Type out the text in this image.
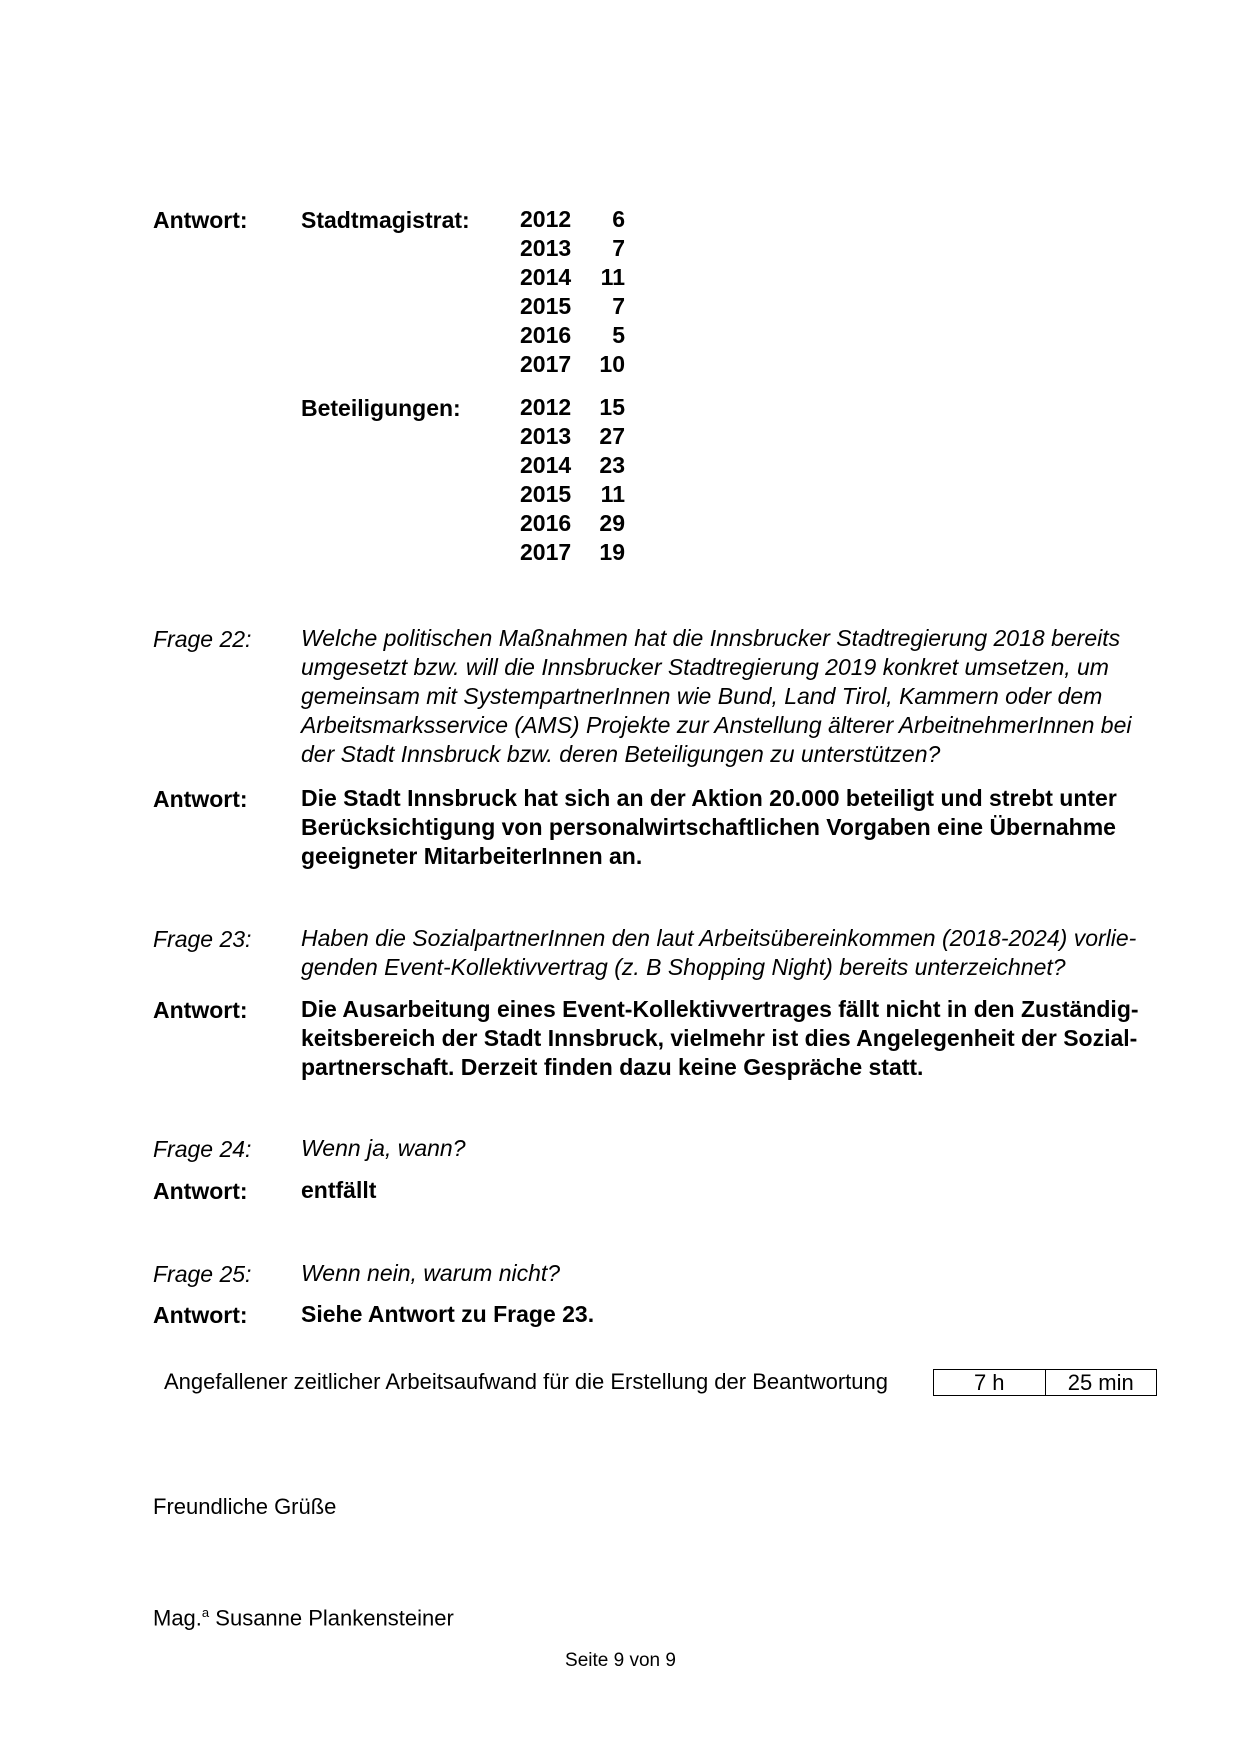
Antwort: Stadtmagistrat: 2012	6
2013	7
2014	11
2015	7
2016	5
2017	10
Beteiligungen:	2012	15
2013	27
2014	23
2015	11
2016	29
2017	19
Frage 22: Welche politischen Maßnahmen hat die Innsbrucker Stadtregierung 2018 bereits
umgesetzt bzw. will die Innsbrucker Stadtregierung 2019 konkret umsetzen, um
gemeinsam mit SystempartnerInnen wie Bund, Land Tirol, Kammern oder dem
Arbeitsmarksservice (AMS) Projekte zur Anstellung älterer ArbeitnehmerInnen bei
der Stadt Innsbruck bzw. deren Beteiligungen zu unterstützen?
Antwort: Die Stadt Innsbruck hat sich an der Aktion 20.000 beteiligt und strebt unter
Berücksichtigung von personalwirtschaftlichen Vorgaben eine Übernahme
geeigneter MitarbeiterInnen an.
Frage 23: Haben die SozialpartnerInnen den laut Arbeitsübereinkommen (2018-2024) vorlie-
genden Event-Kollektivvertrag (z. B Shopping Night) bereits unterzeichnet?
Antwort: Die Ausarbeitung eines Event-Kollektivvertrages fällt nicht in den Zuständig-
keitsbereich der Stadt Innsbruck, vielmehr ist dies Angelegenheit der Sozial-
partnerschaft. Derzeit finden dazu keine Gespräche statt.
Frage 24: Wenn ja, wann?
Antwort: entfällt
Frage 25: Wenn nein, warum nicht?
Antwort: Siehe Antwort zu Frage 23.
Angefallener zeitlicher Arbeitsaufwand für die Erstellung der Beantwortung	7 h	25 min
Freundliche Grüße
Mag.$^a$ Susanne Plankensteiner
Seite 9 von 9
